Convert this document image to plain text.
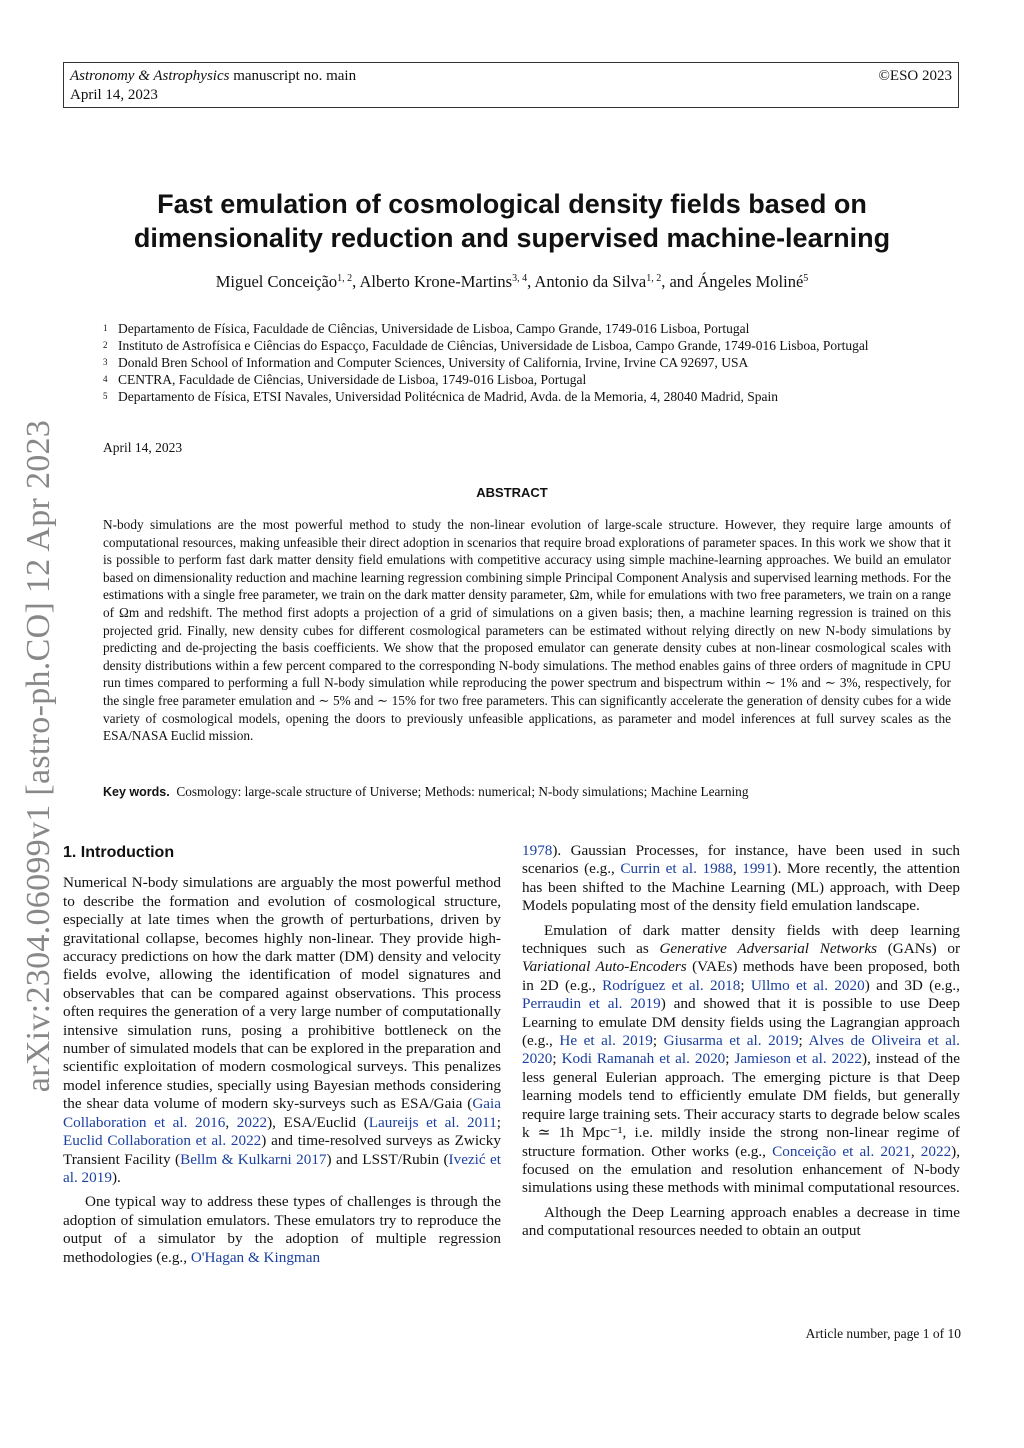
Astronomy & Astrophysics manuscript no. main
April 14, 2023
©ESO 2023
arXiv:2304.06099v1 [astro-ph.CO] 12 Apr 2023
Fast emulation of cosmological density fields based on dimensionality reduction and supervised machine-learning
Miguel Conceição$^{1, 2}$, Alberto Krone-Martins$^{3, 4}$, Antonio da Silva$^{1, 2}$, and Ángeles Moliné$^5$
1 Departamento de Física, Faculdade de Ciências, Universidade de Lisboa, Campo Grande, 1749-016 Lisboa, Portugal
2 Instituto de Astrofísica e Ciências do Espacço, Faculdade de Ciências, Universidade de Lisboa, Campo Grande, 1749-016 Lisboa, Portugal
3 Donald Bren School of Information and Computer Sciences, University of California, Irvine, Irvine CA 92697, USA
4 CENTRA, Faculdade de Ciências, Universidade de Lisboa, 1749-016 Lisboa, Portugal
5 Departamento de Física, ETSI Navales, Universidad Politécnica de Madrid, Avda. de la Memoria, 4, 28040 Madrid, Spain
April 14, 2023
ABSTRACT
N-body simulations are the most powerful method to study the non-linear evolution of large-scale structure. However, they require large amounts of computational resources, making unfeasible their direct adoption in scenarios that require broad explorations of parameter spaces. In this work we show that it is possible to perform fast dark matter density field emulations with competitive accuracy using simple machine-learning approaches. We build an emulator based on dimensionality reduction and machine learning regression combining simple Principal Component Analysis and supervised learning methods. For the estimations with a single free parameter, we train on the dark matter density parameter, Ωm, while for emulations with two free parameters, we train on a range of Ωm and redshift. The method first adopts a projection of a grid of simulations on a given basis; then, a machine learning regression is trained on this projected grid. Finally, new density cubes for different cosmological parameters can be estimated without relying directly on new N-body simulations by predicting and de-projecting the basis coefficients. We show that the proposed emulator can generate density cubes at non-linear cosmological scales with density distributions within a few percent compared to the corresponding N-body simulations. The method enables gains of three orders of magnitude in CPU run times compared to performing a full N-body simulation while reproducing the power spectrum and bispectrum within ∼ 1% and ∼ 3%, respectively, for the single free parameter emulation and ∼ 5% and ∼ 15% for two free parameters. This can significantly accelerate the generation of density cubes for a wide variety of cosmological models, opening the doors to previously unfeasible applications, as parameter and model inferences at full survey scales as the ESA/NASA Euclid mission.
Key words. Cosmology: large-scale structure of Universe; Methods: numerical; N-body simulations; Machine Learning
1. Introduction

Numerical N-body simulations are arguably the most powerful method to describe the formation and evolution of cosmological structure, especially at late times when the growth of perturbations, driven by gravitational collapse, becomes highly non-linear. They provide high-accuracy predictions on how the dark matter (DM) density and velocity fields evolve, allowing the identification of model signatures and observables that can be compared against observations. This process often requires the generation of a very large number of computationally intensive simulation runs, posing a prohibitive bottleneck on the number of simulated models that can be explored in the preparation and scientific exploitation of modern cosmological surveys. This penalizes model inference studies, specially using Bayesian methods considering the shear data volume of modern sky-surveys such as ESA/Gaia (Gaia Collaboration et al. 2016, 2022), ESA/Euclid (Laureijs et al. 2011; Euclid Collaboration et al. 2022) and time-resolved surveys as Zwicky Transient Facility (Bellm & Kulkarni 2017) and LSST/Rubin (Ivezić et al. 2019).

One typical way to address these types of challenges is through the adoption of simulation emulators. These emulators try to reproduce the output of a simulator by the adoption of multiple regression methodologies (e.g., O'Hagan & Kingman

1978). Gaussian Processes, for instance, have been used in such scenarios (e.g., Currin et al. 1988, 1991). More recently, the attention has been shifted to the Machine Learning (ML) approach, with Deep Models populating most of the density field emulation landscape.

Emulation of dark matter density fields with deep learning techniques such as Generative Adversarial Networks (GANs) or Variational Auto-Encoders (VAEs) methods have been proposed, both in 2D (e.g., Rodríguez et al. 2018; Ullmo et al. 2020) and 3D (e.g., Perraudin et al. 2019) and showed that it is possible to use Deep Learning to emulate DM density fields using the Lagrangian approach (e.g., He et al. 2019; Giusarma et al. 2019; Alves de Oliveira et al. 2020; Kodi Ramanah et al. 2020; Jamieson et al. 2022), instead of the less general Eulerian approach. The emerging picture is that Deep learning models tend to efficiently emulate DM fields, but generally require large training sets. Their accuracy starts to degrade below scales k ≃ 1h Mpc⁻¹, i.e. mildly inside the strong non-linear regime of structure formation. Other works (e.g., Conceição et al. 2021, 2022), focused on the emulation and resolution enhancement of N-body simulations using these methods with minimal computational resources.

Although the Deep Learning approach enables a decrease in time and computational resources needed to obtain an output

Article number, page 1 of 10
